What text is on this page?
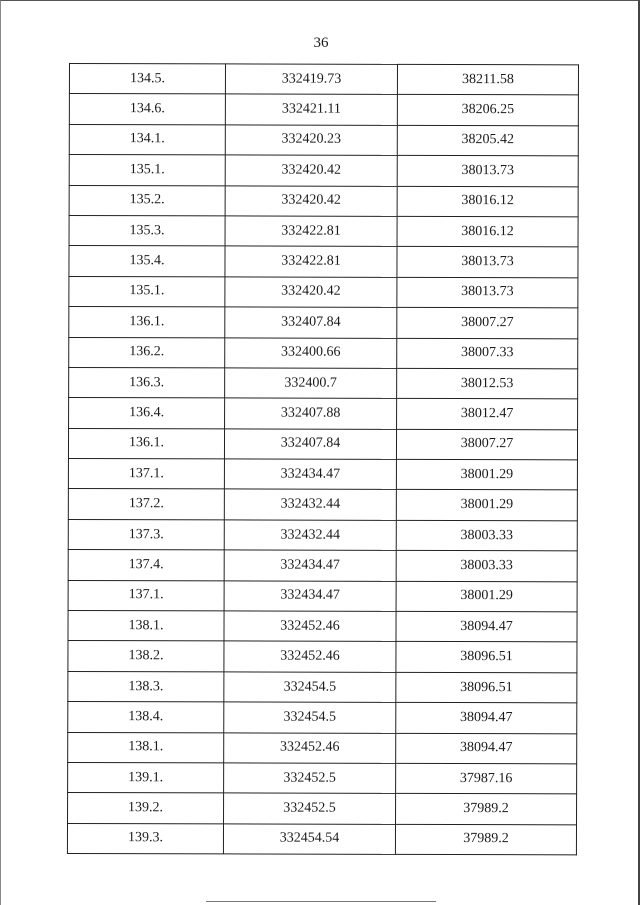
36
134.5.	332419.73	38211.58
134.6.	332421.11	38206.25
134.1.	332420.23	38205.42
135.1.	332420.42	38013.73
135.2.	332420.42	38016.12
135.3.	332422.81	38016.12
135.4.	332422.81	38013.73
135.1.	332420.42	38013.73
136.1.	332407.84	38007.27
136.2.	332400.66	38007.33
136.3.	332400.7	38012.53
136.4.	332407.88	38012.47
136.1.	332407.84	38007.27
137.1.	332434.47	38001.29
137.2.	332432.44	38001.29
137.3.	332432.44	38003.33
137.4.	332434.47	38003.33
137.1.	332434.47	38001.29
138.1.	332452.46	38094.47
138.2.	332452.46	38096.51
138.3.	332454.5	38096.51
138.4.	332454.5	38094.47
138.1.	332452.46	38094.47
139.1.	332452.5	37987.16
139.2.	332452.5	37989.2
139.3.	332454.54	37989.2
